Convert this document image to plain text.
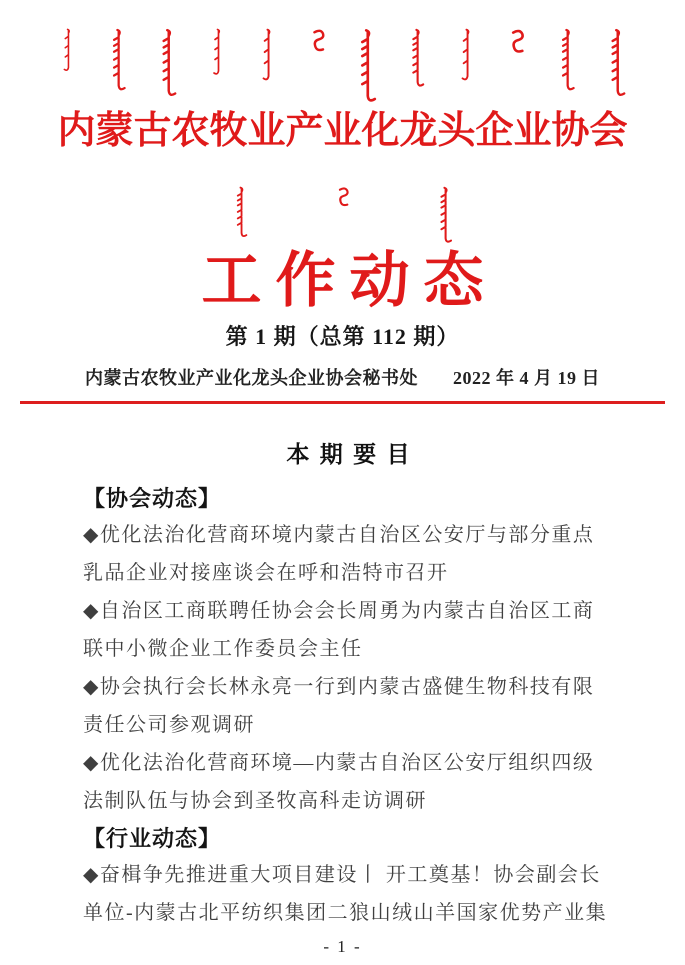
内蒙古农牧业产业化龙头企业协会
工作动态
第 1 期（总第 112 期）
内蒙古农牧业产业化龙头企业协会秘书处 2022 年 4 月 19 日
本 期 要 目
【协会动态】

◆优化法治化营商环境内蒙古自治区公安厅与部分重点

乳品企业对接座谈会在呼和浩特市召开

◆自治区工商联聘任协会会长周勇为内蒙古自治区工商

联中小微企业工作委员会主任

◆协会执行会长林永亮一行到内蒙古盛健生物科技有限

责任公司参观调研

◆优化法治化营商环境—内蒙古自治区公安厅组织四级

法制队伍与协会到圣牧高科走访调研

【行业动态】

◆奋楫争先推进重大项目建设丨 开工奠基！协会副会长

单位-内蒙古北平纺织集团二狼山绒山羊国家优势产业集

- 1 -
